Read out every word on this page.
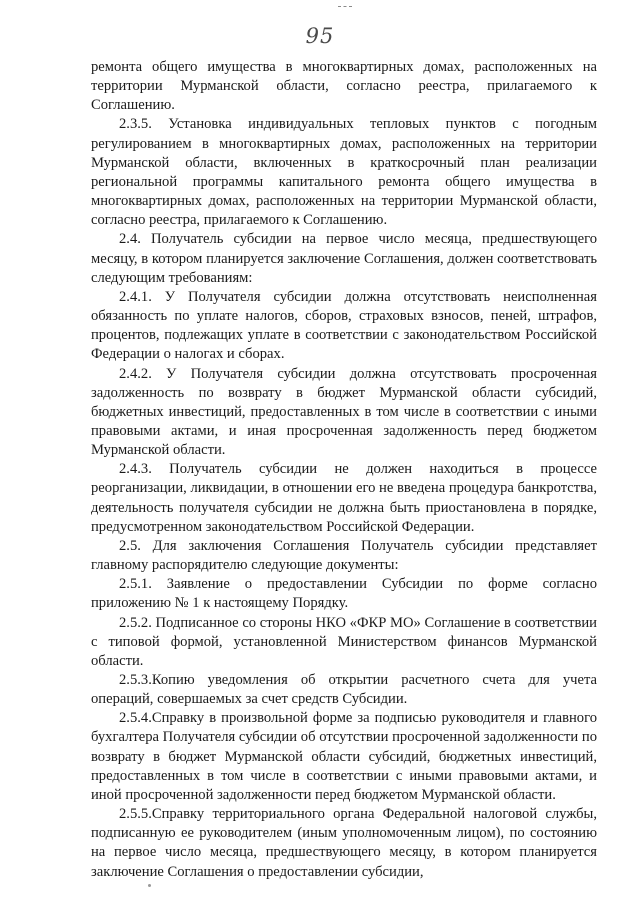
95

ремонта общего имущества в многоквартирных домах, расположенных на территории Мурманской области, согласно реестра, прилагаемого к Соглашению.

2.3.5. Установка индивидуальных тепловых пунктов с погодным регулированием в многоквартирных домах, расположенных на территории Мурманской области, включенных в краткосрочный план реализации региональной программы капитального ремонта общего имущества в многоквартирных домах, расположенных на территории Мурманской области, согласно реестра, прилагаемого к Соглашению.

2.4. Получатель субсидии на первое число месяца, предшествующего месяцу, в котором планируется заключение Соглашения, должен соответствовать следующим требованиям:

2.4.1. У Получателя субсидии должна отсутствовать неисполненная обязанность по уплате налогов, сборов, страховых взносов, пеней, штрафов, процентов, подлежащих уплате в соответствии с законодательством Российской Федерации о налогах и сборах.

2.4.2. У Получателя субсидии должна отсутствовать просроченная задолженность по возврату в бюджет Мурманской области субсидий, бюджетных инвестиций, предоставленных в том числе в соответствии с иными правовыми актами, и иная просроченная задолженность перед бюджетом Мурманской области.

2.4.3. Получатель субсидии не должен находиться в процессе реорганизации, ликвидации, в отношении его не введена процедура банкротства, деятельность получателя субсидии не должна быть приостановлена в порядке, предусмотренном законодательством Российской Федерации.

2.5. Для заключения Соглашения Получатель субсидии представляет главному распорядителю следующие документы:

2.5.1. Заявление о предоставлении Субсидии по форме согласно приложению № 1 к настоящему Порядку.

2.5.2. Подписанное со стороны НКО «ФКР МО» Соглашение в соответствии с типовой формой, установленной Министерством финансов Мурманской области.

2.5.3.Копию уведомления об открытии расчетного счета для учета операций, совершаемых за счет средств Субсидии.

2.5.4.Справку в произвольной форме за подписью руководителя и главного бухгалтера Получателя субсидии об отсутствии просроченной задолженности по возврату в бюджет Мурманской области субсидий, бюджетных инвестиций, предоставленных в том числе в соответствии с иными правовыми актами, и иной просроченной задолженности перед бюджетом Мурманской области.

2.5.5.Справку территориального органа Федеральной налоговой службы, подписанную ее руководителем (иным уполномоченным лицом), по состоянию на первое число месяца, предшествующего месяцу, в котором планируется заключение Соглашения о предоставлении субсидии,
